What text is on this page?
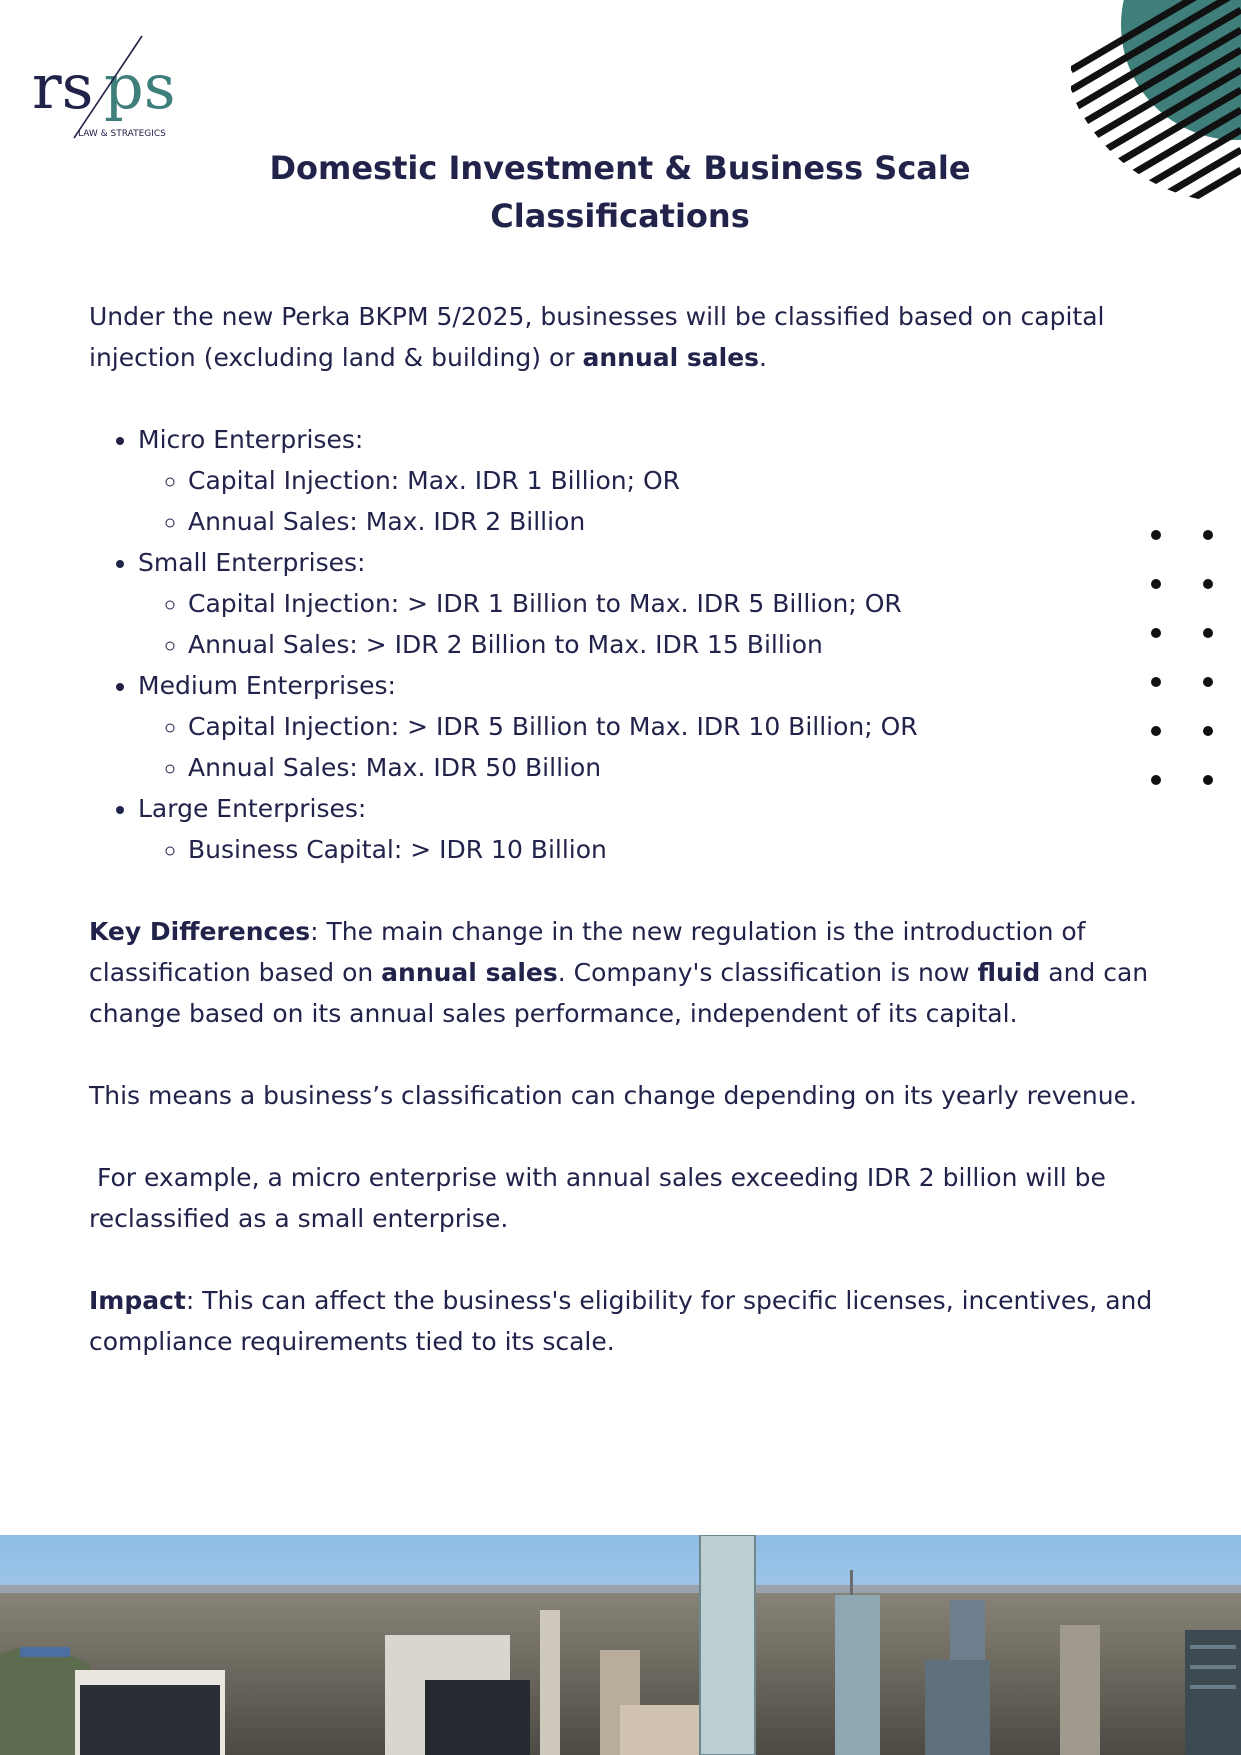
rs ps
LAW & STRATEGICS
Domestic Investment & Business Scale
Classifications

Under the new Perka BKPM 5/2025, businesses will be classified based on capital injection (excluding land & building) or annual sales.

• Micro Enterprises:
◦ Capital Injection: Max. IDR 1 Billion; OR
◦ Annual Sales: Max. IDR 2 Billion
• Small Enterprises:
◦ Capital Injection: > IDR 1 Billion to Max. IDR 5 Billion; OR
◦ Annual Sales: > IDR 2 Billion to Max. IDR 15 Billion
• Medium Enterprises:
◦ Capital Injection: > IDR 5 Billion to Max. IDR 10 Billion; OR
◦ Annual Sales: Max. IDR 50 Billion
• Large Enterprises:
◦ Business Capital: > IDR 10 Billion

Key Differences: The main change in the new regulation is the introduction of classification based on annual sales. Company's classification is now fluid and can change based on its annual sales performance, independent of its capital.

This means a business’s classification can change depending on its yearly revenue.

For example, a micro enterprise with annual sales exceeding IDR 2 billion will be reclassified as a small enterprise.

Impact: This can affect the business's eligibility for specific licenses, incentives, and compliance requirements tied to its scale.
